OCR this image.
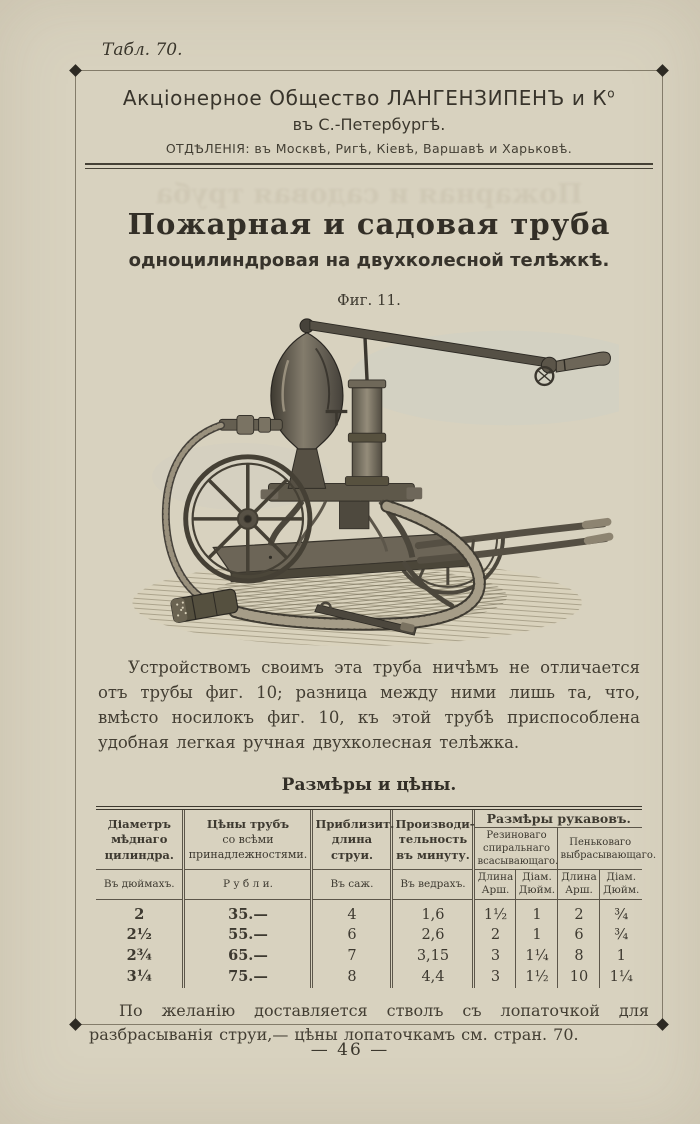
Табл. 70.
Пожарная и садовая труба
Акціонерное Общество ЛАНГЕНЗИПЕНЪ и $К^о$
въ С.-Петербургѣ.
ОТДѢЛЕНІЯ: въ Москвѣ, Ригѣ, Кіевѣ, Варшавѣ и Харьковѣ.
Пожарная и садовая труба
одноцилиндровая на двухколесной телѣжкѣ.
Фиг. 11.

Устройствомъ своимъ эта труба ничѣмъ не отличается отъ трубы фиг. 10; разница между ними лишь та, что, вмѣсто носилокъ фиг. 10, къ этой трубѣ приспособлена удобная легкая ручная двухколесная телѣжка.

Размѣры и цѣны.
Діаметръ мѣднаго цилиндра.	Цѣны трубъ
со всѣми принадлежностями.	Приблизит. длина струи.	Производи- тельность въ минуту.	Размѣры рукавовъ.			
				Резиноваго спиральнаго всасывающаго.		Пеньковаго выбрасывающаго.	
Въ дюймахъ.	Р у б л и.	Въ саж.	Въ ведрахъ.	Длина Арш.	Діам. Дюйм.	Длина Арш.	Діам. Дюйм.
2	35.—	4	1,6	1½	1	2	¾
2½	55.—	6	2,6	2	1	6	¾
2¾	65.—	7	3,15	3	1¼	8	1
3¼	75.—	8	4,4	3	1½	10	1¼

По желанію доставляется стволъ съ лопаточкой для разбрасыванія струи,— цѣны лопаточкамъ см. стран. 70.

— 46 —
